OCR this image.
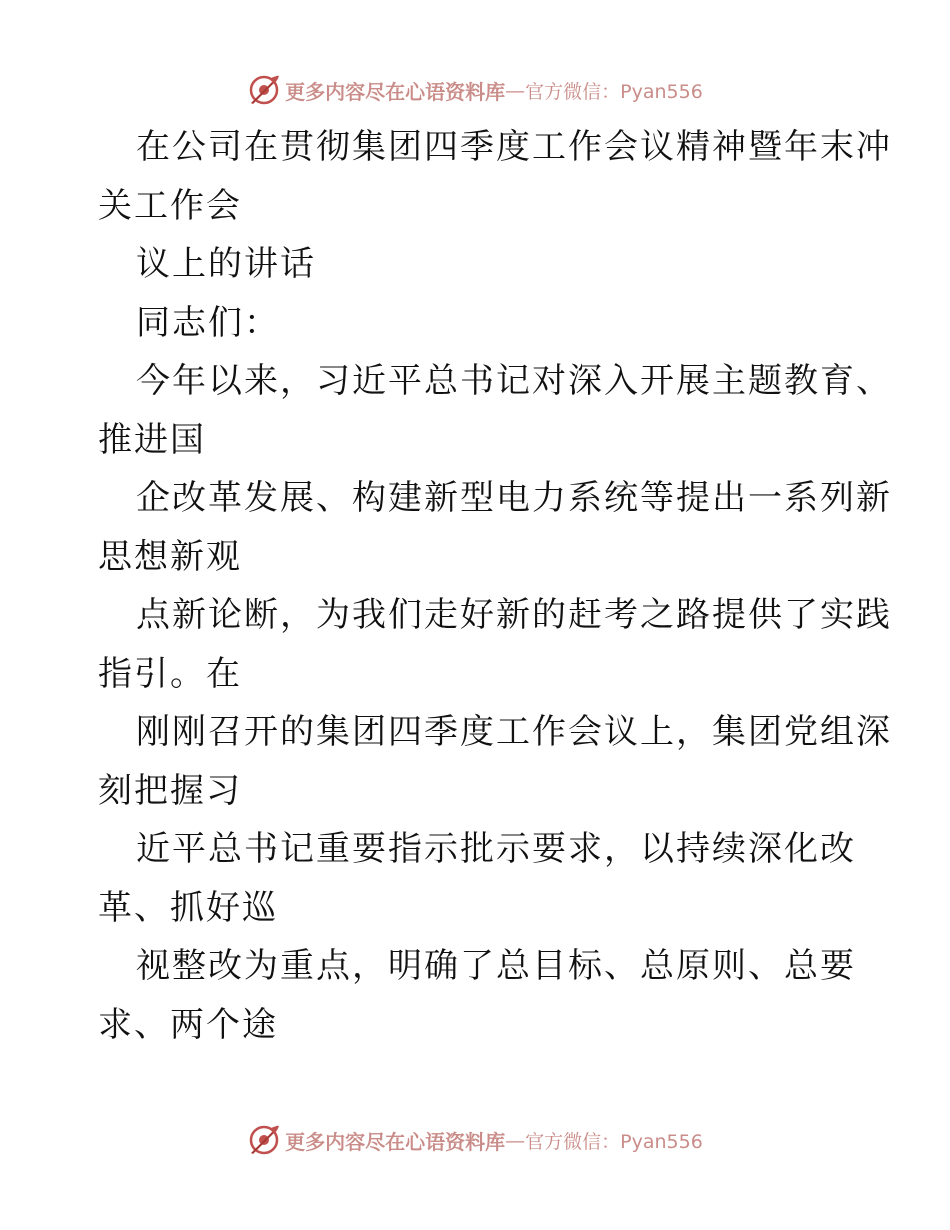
更多内容尽在心语资料库 — 官方微信：Pyan556
在公司在贯彻集团四季度工作会议精神暨年末冲
关工作会
议上的讲话
同志们：
今年以来，习近平总书记对深入开展主题教育、
推进国
企改革发展、构建新型电力系统等提出一系列新
思想新观
点新论断，为我们走好新的赶考之路提供了实践
指引。在
刚刚召开的集团四季度工作会议上，集团党组深
刻把握习
近平总书记重要指示批示要求，以持续深化改
革、抓好巡
视整改为重点，明确了总目标、总原则、总要
求、两个途
更多内容尽在心语资料库 — 官方微信：Pyan556
